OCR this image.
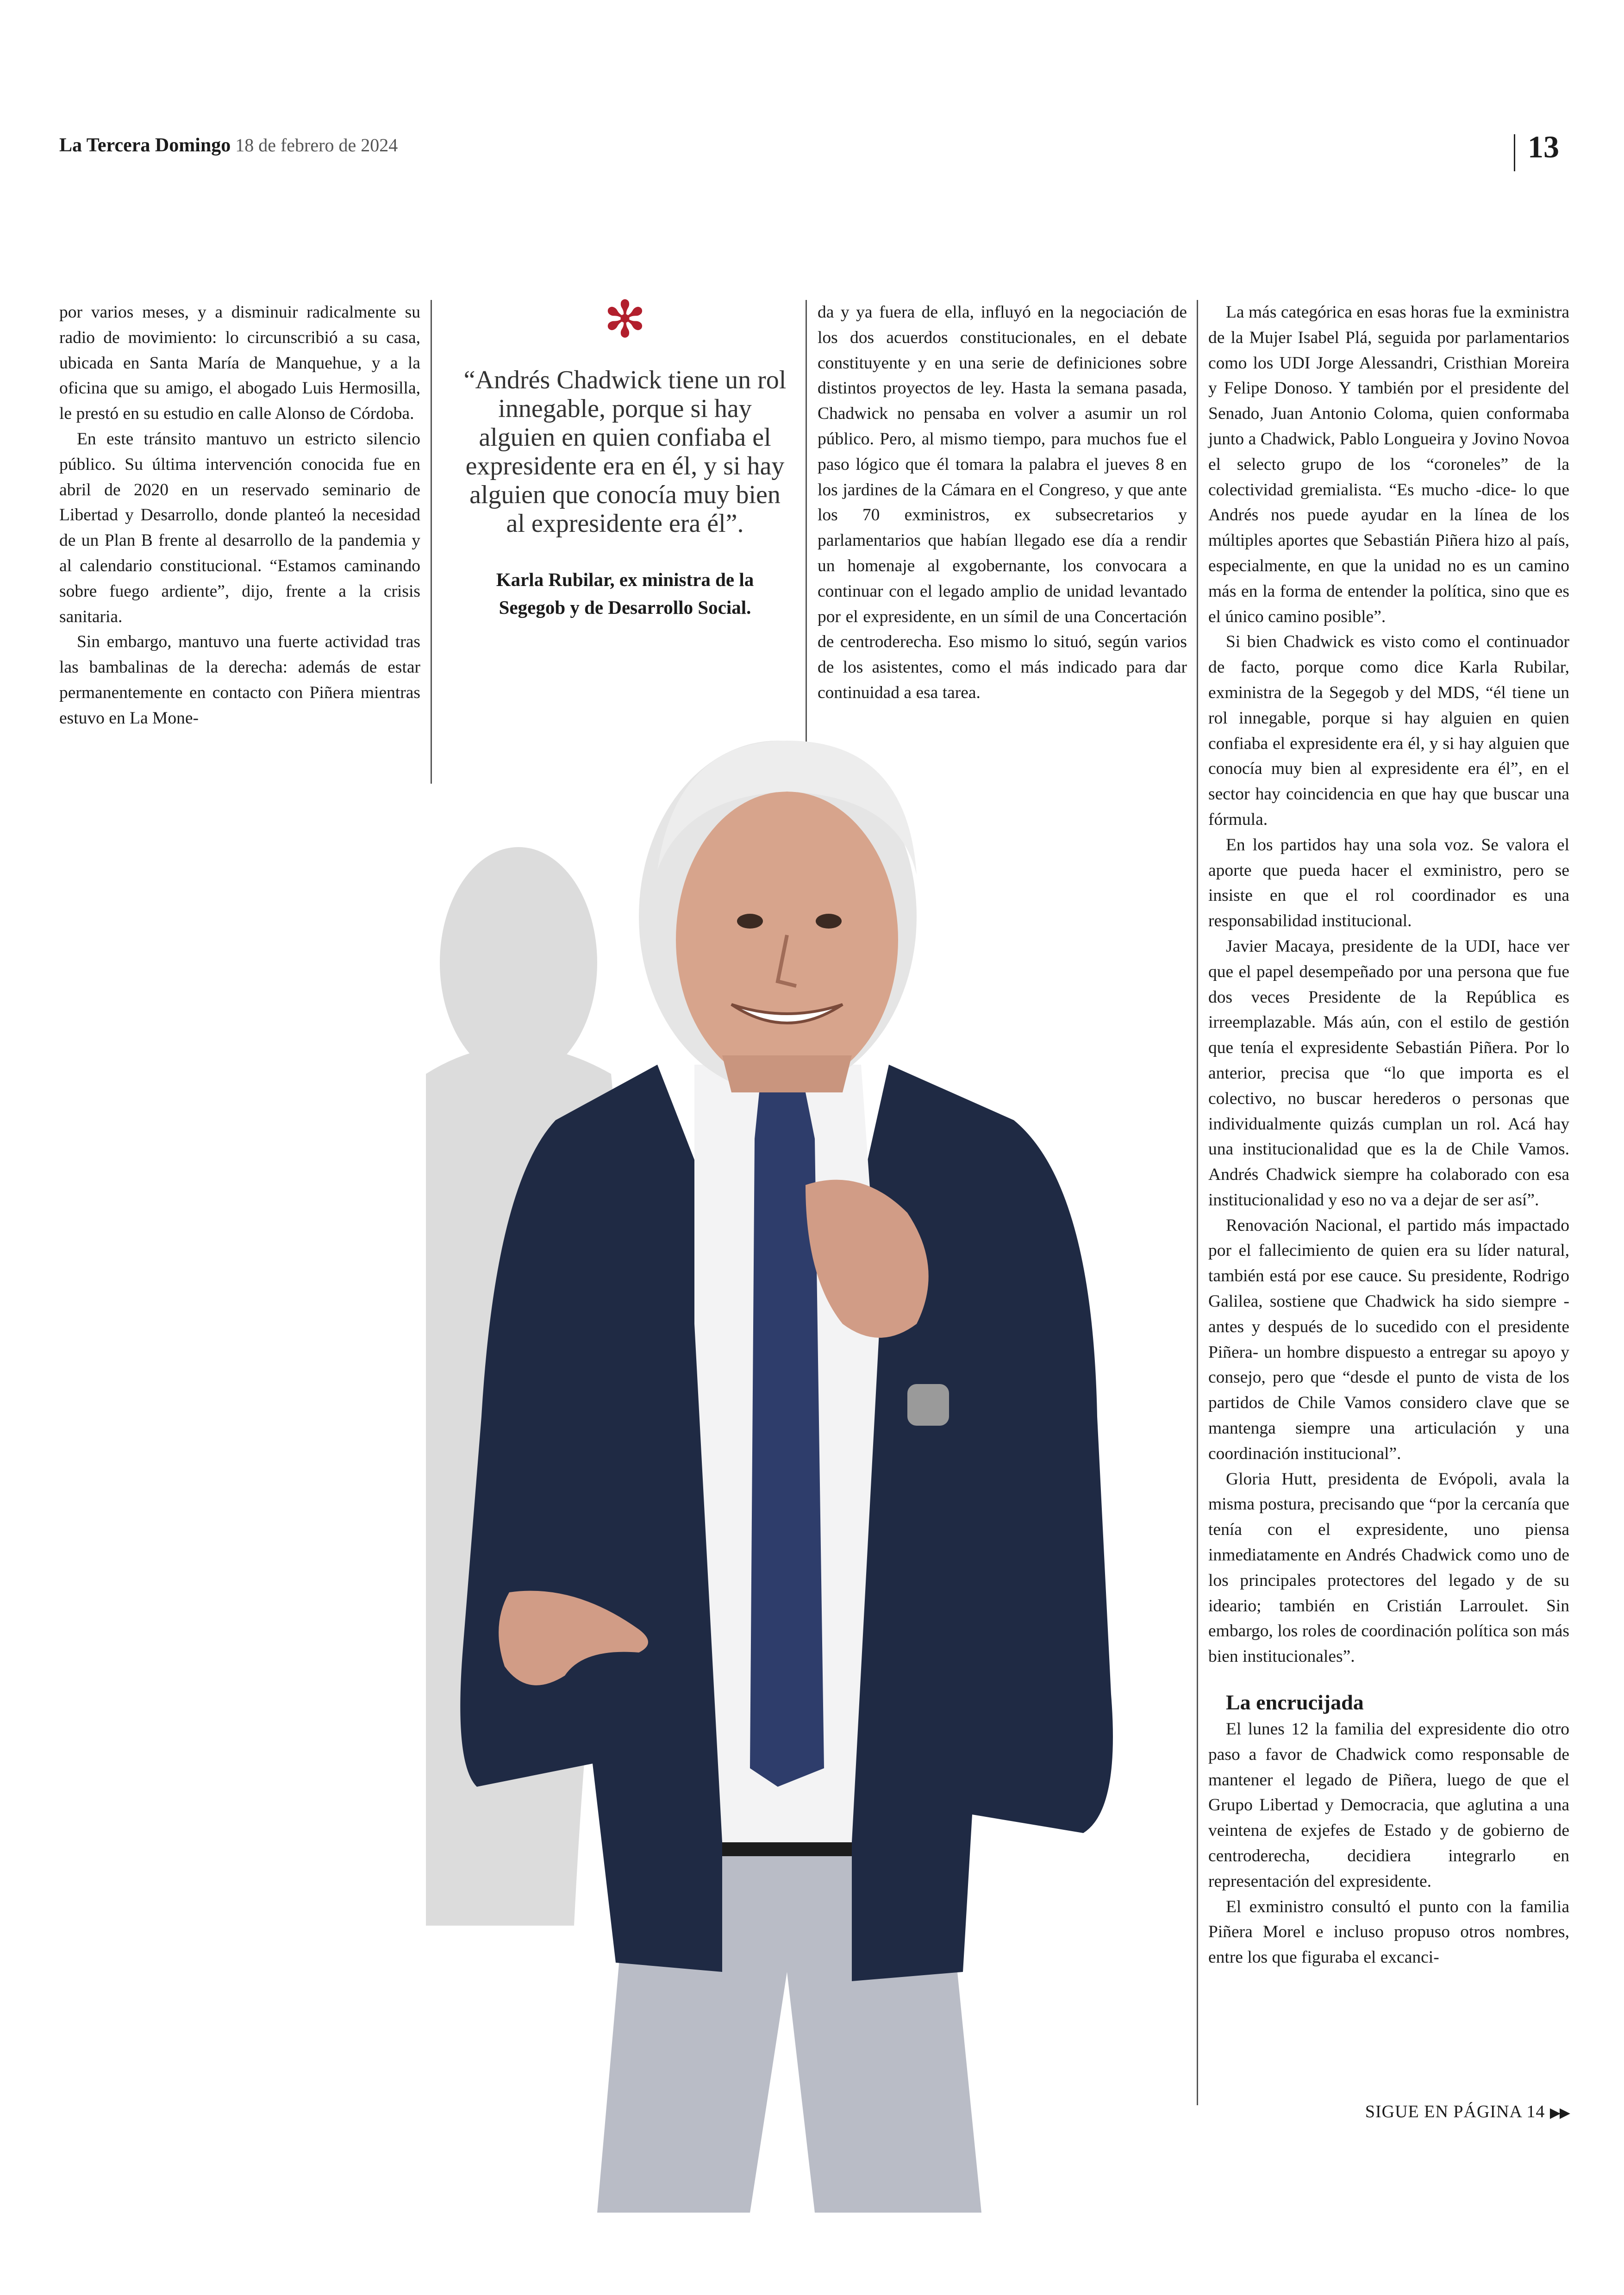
La Tercera Domingo 18 de febrero de 2024	13

por varios meses, y a disminuir radicalmente su radio de movimiento: lo circunscribió a su casa, ubicada en Santa María de Manquehue, y a la oficina que su amigo, el abogado Luis Hermosilla, le prestó en su estudio en calle Alonso de Córdoba.

En este tránsito mantuvo un estricto silencio público. Su última intervención conocida fue en abril de 2020 en un reservado seminario de Libertad y Desarrollo, donde planteó la necesidad de un Plan B frente al desarrollo de la pandemia y al calendario constitucional. “Estamos caminando sobre fuego ardiente”, dijo, frente a la crisis sanitaria.

Sin embargo, mantuvo una fuerte actividad tras las bambalinas de la derecha: además de estar permanentemente en contacto con Piñera mientras estuvo en La Mone-

✻
“Andrés Chadwick tiene un rol innegable, porque si hay alguien en quien confiaba el expresidente era en él, y si hay alguien que conocía muy bien al expresidente era él”.
Karla Rubilar, ex ministra de la Segegob y de Desarrollo Social.

da y ya fuera de ella, influyó en la negociación de los dos acuerdos constitucionales, en el debate constituyente y en una serie de definiciones sobre distintos proyectos de ley. Hasta la semana pasada, Chadwick no pensaba en volver a asumir un rol público. Pero, al mismo tiempo, para muchos fue el paso lógico que él tomara la palabra el jueves 8 en los jardines de la Cámara en el Congreso, y que ante los 70 exministros, ex subsecretarios y parlamentarios que habían llegado ese día a rendir un homenaje al exgobernante, los convocara a continuar con el legado amplio de unidad levantado por el expresidente, en un símil de una Concertación de centroderecha. Eso mismo lo situó, según varios de los asistentes, como el más indicado para dar continuidad a esa tarea.

La más categórica en esas horas fue la exministra de la Mujer Isabel Plá, seguida por parlamentarios como los UDI Jorge Alessandri, Cristhian Moreira y Felipe Donoso. Y también por el presidente del Senado, Juan Antonio Coloma, quien conformaba junto a Chadwick, Pablo Longueira y Jovino Novoa el selecto grupo de los “coroneles” de la colectividad gremialista. “Es mucho -dice- lo que Andrés nos puede ayudar en la línea de los múltiples aportes que Sebastián Piñera hizo al país, especialmente, en que la unidad no es un camino más en la forma de entender la política, sino que es el único camino posible”.

Si bien Chadwick es visto como el continuador de facto, porque como dice Karla Rubilar, exministra de la Segegob y del MDS, “él tiene un rol innegable, porque si hay alguien en quien confiaba el expresidente era él, y si hay alguien que conocía muy bien al expresidente era él”, en el sector hay coincidencia en que hay que buscar una fórmula.

En los partidos hay una sola voz. Se valora el aporte que pueda hacer el exministro, pero se insiste en que el rol coordinador es una responsabilidad institucional.

Javier Macaya, presidente de la UDI, hace ver que el papel desempeñado por una persona que fue dos veces Presidente de la República es irreemplazable. Más aún, con el estilo de gestión que tenía el expresidente Sebastián Piñera. Por lo anterior, precisa que “lo que importa es el colectivo, no buscar herederos o personas que individualmente quizás cumplan un rol. Acá hay una institucionalidad que es la de Chile Vamos. Andrés Chadwick siempre ha colaborado con esa institucionalidad y eso no va a dejar de ser así”.

Renovación Nacional, el partido más impactado por el fallecimiento de quien era su líder natural, también está por ese cauce. Su presidente, Rodrigo Galilea, sostiene que Chadwick ha sido siempre -antes y después de lo sucedido con el presidente Piñera- un hombre dispuesto a entregar su apoyo y consejo, pero que “desde el punto de vista de los partidos de Chile Vamos considero clave que se mantenga siempre una articulación y una coordinación institucional”.

Gloria Hutt, presidenta de Evópoli, avala la misma postura, precisando que “por la cercanía que tenía con el expresidente, uno piensa inmediatamente en Andrés Chadwick como uno de los principales protectores del legado y de su ideario; también en Cristián Larroulet. Sin embargo, los roles de coordinación política son más bien institucionales”.

La encrucijada

El lunes 12 la familia del expresidente dio otro paso a favor de Chadwick como responsable de mantener el legado de Piñera, luego de que el Grupo Libertad y Democracia, que aglutina a una veintena de exjefes de Estado y de gobierno de centroderecha, decidiera integrarlo en representación del expresidente.

El exministro consultó el punto con la familia Piñera Morel e incluso propuso otros nombres, entre los que figuraba el excanci-

SIGUE EN PÁGINA 14 ▶▶
